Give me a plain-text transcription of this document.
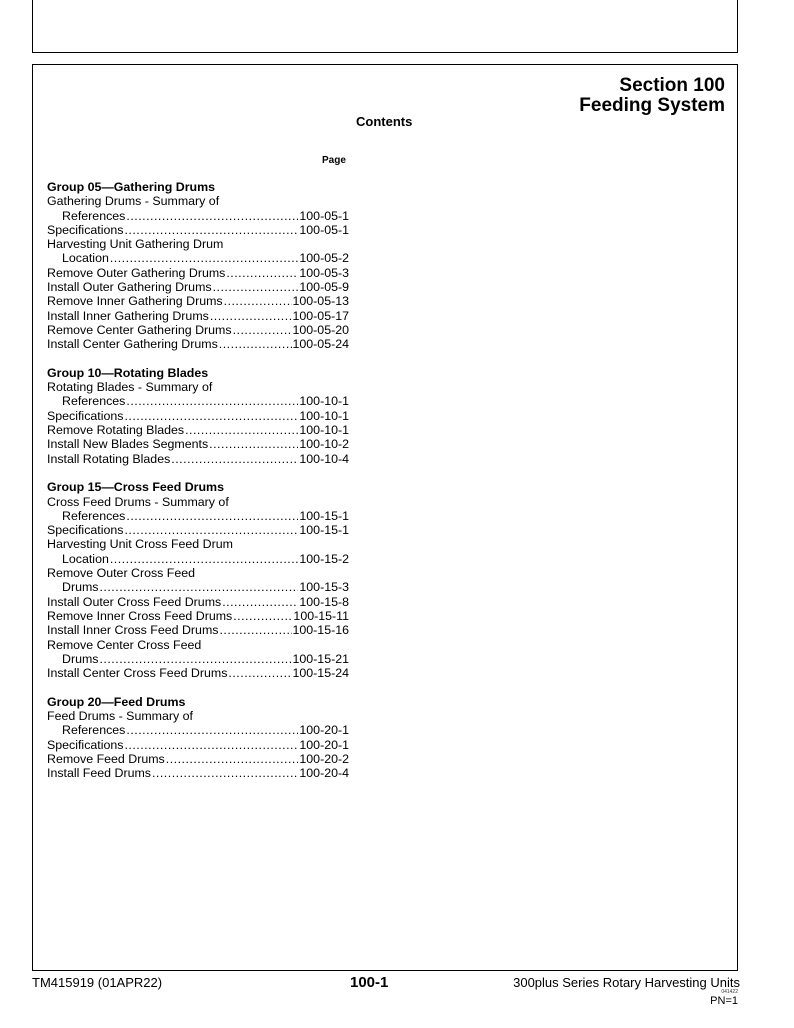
Section 100
Feeding System
Contents
Page
Group 05—Gathering Drums
Gathering Drums - Summary of
References .....	100-05-1
Specifications .....	100-05-1
Harvesting Unit Gathering Drum
Location .....	100-05-2
Remove Outer Gathering Drums .....	100-05-3
Install Outer Gathering Drums .....	100-05-9
Remove Inner Gathering Drums .....	100-05-13
Install Inner Gathering Drums .....	100-05-17
Remove Center Gathering Drums .....	100-05-20
Install Center Gathering Drums .....	100-05-24
Group 10—Rotating Blades
Rotating Blades - Summary of
References .....	100-10-1
Specifications .....	100-10-1
Remove Rotating Blades .....	100-10-1
Install New Blades Segments .....	100-10-2
Install Rotating Blades .....	100-10-4
Group 15—Cross Feed Drums
Cross Feed Drums - Summary of
References .....	100-15-1
Specifications .....	100-15-1
Harvesting Unit Cross Feed Drum
Location .....	100-15-2
Remove Outer Cross Feed
Drums .....	100-15-3
Install Outer Cross Feed Drums .....	100-15-8
Remove Inner Cross Feed Drums .....	100-15-11
Install Inner Cross Feed Drums .....	100-15-16
Remove Center Cross Feed
Drums .....	100-15-21
Install Center Cross Feed Drums .....	100-15-24
Group 20—Feed Drums
Feed Drums - Summary of
References .....	100-20-1
Specifications .....	100-20-1
Remove Feed Drums .....	100-20-2
Install Feed Drums .....	100-20-4
TM415919 (01APR22)	100-1	300plus Series Rotary Harvesting Units
041422
PN=1
